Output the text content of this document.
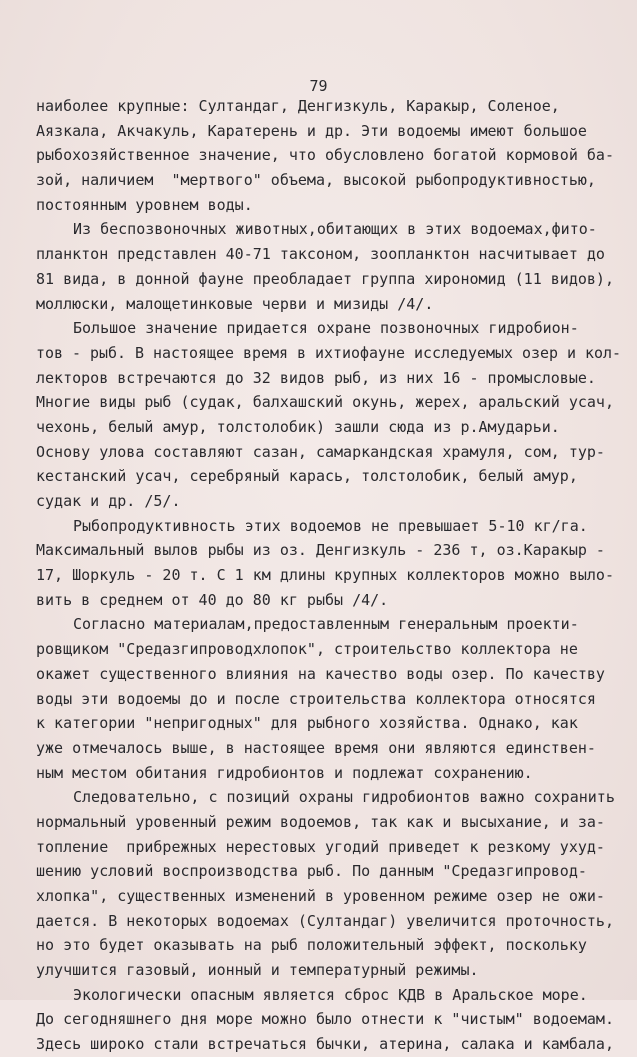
79
наиболее крупные: Султандаг, Денгизкуль, Каракыр, Соленое,
Аязкала, Акчакуль, Каратерень и др. Эти водоемы имеют большое
рыбохозяйственное значение, что обусловлено богатой кормовой ба-
зой, наличием  "мертвого" объема, высокой рыбопродуктивностью,
постоянным уровнем воды.
Из беспозвоночных животных,обитающих в этих водоемах,фито-
планктон представлен 40-71 таксоном, зоопланктон насчитывает до
81 вида, в донной фауне преобладает группа хирономид (11 видов),
моллюски, малощетинковые черви и мизиды /4/.
Большое значение придается охране позвоночных гидробион-
тов - рыб. В настоящее время в ихтиофауне исследуемых озер и кол-
лекторов встречаются до 32 видов рыб, из них 16 - промысловые.
Многие виды рыб (судак, балхашский окунь, жерех, аральский усач,
чехонь, белый амур, толстолобик) зашли сюда из р.Амударьи.
Основу улова составляют сазан, самаркандская храмуля, сом, тур-
кестанский усач, серебряный карась, толстолобик, белый амур,
судак и др. /5/.
Рыбопродуктивность этих водоемов не превышает 5-10 кг/га.
Максимальный вылов рыбы из оз. Денгизкуль - 236 т, оз.Каракыр -
17, Шоркуль - 20 т. С 1 км длины крупных коллекторов можно выло-
вить в среднем от 40 до 80 кг рыбы /4/.
Согласно материалам,предоставленным генеральным проекти-
ровщиком "Средазгипроводхлопок", строительство коллектора не
окажет существенного влияния на качество воды озер. По качеству
воды эти водоемы до и после строительства коллектора относятся
к категории "непригодных" для рыбного хозяйства. Однако, как
уже отмечалось выше, в настоящее время они являются единствен-
ным местом обитания гидробионтов и подлежат сохранению.
Следовательно, с позиций охраны гидробионтов важно сохранить
нормальный уровенный режим водоемов, так как и высыхание, и за-
топление  прибрежных нерестовых угодий приведет к резкому ухуд-
шению условий воспроизводства рыб. По данным "Средазгипровод-
хлопка", существенных изменений в уровенном режиме озер не ожи-
дается. В некоторых водоемах (Султандаг) увеличится проточность,
но это будет оказывать на рыб положительный эффект, поскольку
улучшится газовый, ионный и температурный режимы.
Экологически опасным является сброс КДВ в Аральское море.
До сегодняшнего дня море можно было отнести к "чистым" водоемам.
Здесь широко стали встречаться бычки, атерина, салака и камбала,
